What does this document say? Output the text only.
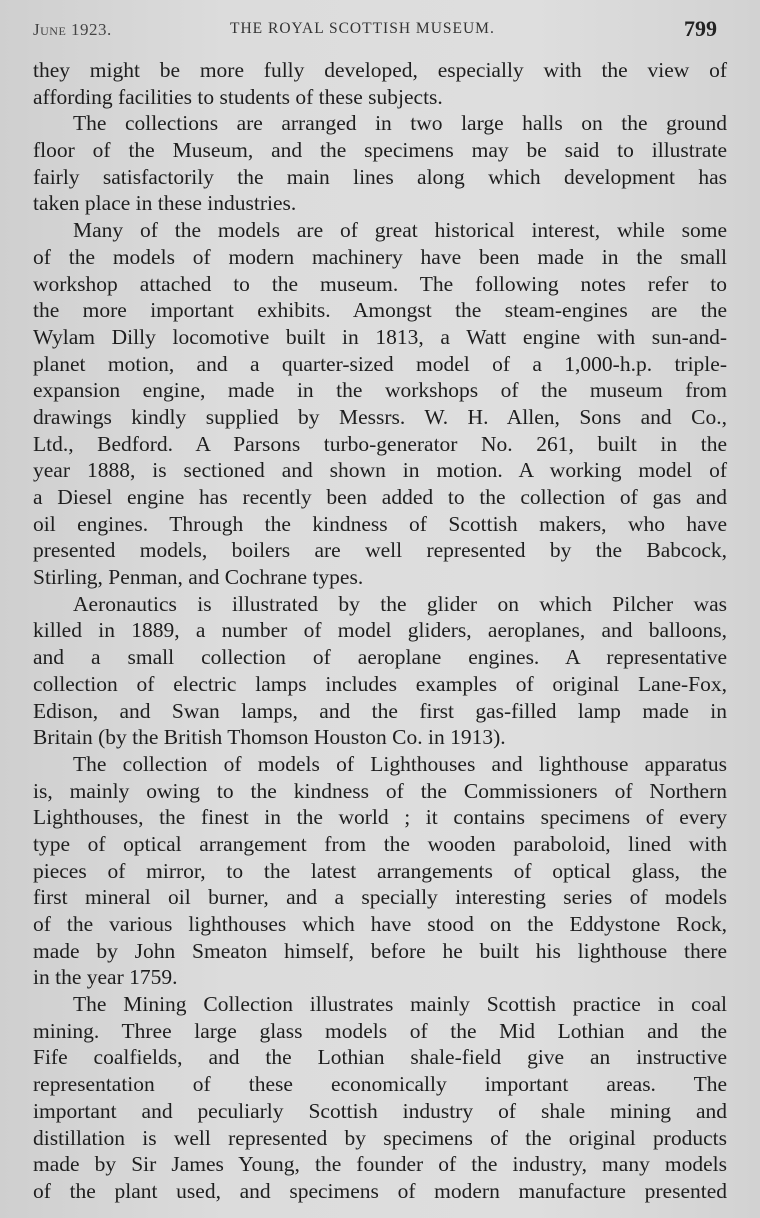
June 1923.	THE ROYAL SCOTTISH MUSEUM.	799
they might be more fully developed, especially with the view of
affording facilities to students of these subjects.
The collections are arranged in two large halls on the ground
floor of the Museum, and the specimens may be said to illustrate
fairly satisfactorily the main lines along which development has
taken place in these industries.
Many of the models are of great historical interest, while some
of the models of modern machinery have been made in the small
workshop attached to the museum. The following notes refer to
the more important exhibits. Amongst the steam-engines are the
Wylam Dilly locomotive built in 1813, a Watt engine with sun-and-
planet motion, and a quarter-sized model of a 1,000-h.p. triple-
expansion engine, made in the workshops of the museum from
drawings kindly supplied by Messrs. W. H. Allen, Sons and Co.,
Ltd., Bedford. A Parsons turbo-generator No. 261, built in the
year 1888, is sectioned and shown in motion. A working model of
a Diesel engine has recently been added to the collection of gas and
oil engines. Through the kindness of Scottish makers, who have
presented models, boilers are well represented by the Babcock,
Stirling, Penman, and Cochrane types.
Aeronautics is illustrated by the glider on which Pilcher was
killed in 1889, a number of model gliders, aeroplanes, and balloons,
and a small collection of aeroplane engines. A representative
collection of electric lamps includes examples of original Lane-Fox,
Edison, and Swan lamps, and the first gas-filled lamp made in
Britain (by the British Thomson Houston Co. in 1913).
The collection of models of Lighthouses and lighthouse apparatus
is, mainly owing to the kindness of the Commissioners of Northern
Lighthouses, the finest in the world ; it contains specimens of every
type of optical arrangement from the wooden paraboloid, lined with
pieces of mirror, to the latest arrangements of optical glass, the
first mineral oil burner, and a specially interesting series of models
of the various lighthouses which have stood on the Eddystone Rock,
made by John Smeaton himself, before he built his lighthouse there
in the year 1759.
The Mining Collection illustrates mainly Scottish practice in coal
mining. Three large glass models of the Mid Lothian and the
Fife coalfields, and the Lothian shale-field give an instructive
representation of these economically important areas. The
important and peculiarly Scottish industry of shale mining and
distillation is well represented by specimens of the original products
made by Sir James Young, the founder of the industry, many models
of the plant used, and specimens of modern manufacture presented
